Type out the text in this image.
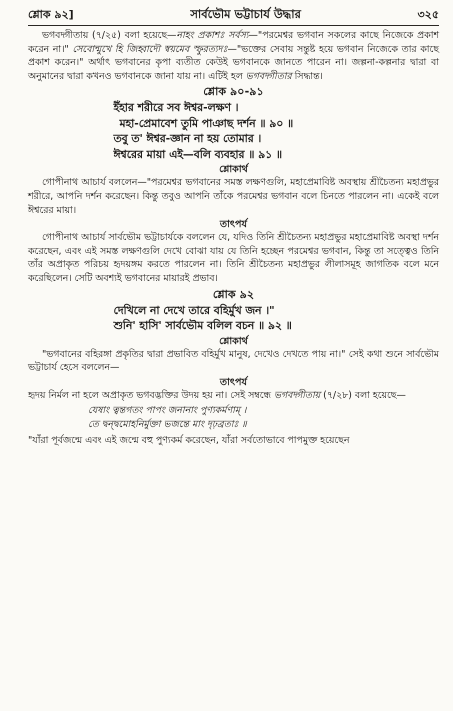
শ্লোক ৯২]	সার্বভৌম ভট্টাচার্য উদ্ধার	৩২৫

ভগবদ্গীতায় (৭/২৫) বলা হয়েছে—নাহং প্রকাশঃ সর্বস্য—"পরমেশ্বর ভগবান সকলের কাছে নিজেকে প্রকাশ করেন না।" সেবোন্মুখে হি জিহ্বাদৌ স্বয়মেব স্ফুরত্যদঃ—"ভক্তের সেবায় সন্তুষ্ট হয়ে ভগবান নিজেকে তার কাছে প্রকাশ করেন।" অর্থাৎ ভগবানের কৃপা ব্যতীত কেউই ভগবানকে জানতে পারেন না। জল্পনা-কল্পনার দ্বারা বা অনুমানের দ্বারা কখনও ভগবানকে জানা যায় না। এটিই হল ভগবদ্গীতার সিদ্ধান্ত।

শ্লোক ৯০-৯১
ইঁহার শরীরে সব ঈশ্বর-লক্ষণ ।
মহা-প্রেমাবেশ তুমি পাঞাছ দর্শন ॥ ৯০ ॥
তবু ত' ঈশ্বর-জ্ঞান না হয় তোমার ।
ঈশ্বরের মায়া এই—বলি ব্যবহার ॥ ৯১ ॥
শ্লোকার্থ

গোপীনাথ আচার্য বললেন—"পরমেশ্বর ভগবানের সমস্ত লক্ষণগুলি, মহাপ্রেমাবিষ্ট অবস্থায় শ্রীচৈতন্য মহাপ্রভুর শরীরে, আপনি দর্শন করেছেন। কিন্তু তবুও আপনি তাঁকে পরমেশ্বর ভগবান বলে চিনতে পারলেন না। একেই বলে ঈশ্বরের মায়া।

তাৎপর্য

গোপীনাথ আচার্য সার্বভৌম ভট্টাচার্যকে বললেন যে, যদিও তিনি শ্রীচৈতন্য মহাপ্রভুর মহাপ্রেমাবিষ্ট অবস্থা দর্শন করেছেন, এবং এই সমস্ত লক্ষণগুলি দেখে বোঝা যায় যে তিনি হচ্ছেন পরমেশ্বর ভগবান, কিন্তু তা সত্ত্বেও তিনি তাঁর অপ্রাকৃত পরিচয় হৃদয়ঙ্গম করতে পারলেন না। তিনি শ্রীচৈতন্য মহাপ্রভুর লীলাসমূহ জাগতিক বলে মনে করেছিলেন। সেটি অবশ্যই ভগবানের মায়ারই প্রভাব।

শ্লোক ৯২
দেখিলে না দেখে তারে বহির্মুখ জন ।"
শুনি' হাসি' সার্বভৌম বলিল বচন ॥ ৯২ ॥
শ্লোকার্থ

"ভগবানের বহিরঙ্গা প্রকৃতির দ্বারা প্রভাবিত বহির্মুখ মানুষ, দেখেও দেখতে পায় না।" সেই কথা শুনে সার্বভৌম ভট্টাচার্য হেসে বললেন—

তাৎপর্য

হৃদয় নির্মল না হলে অপ্রাকৃত ভগবদ্ভক্তির উদয় হয় না। সেই সম্বন্ধে ভগবদ্গীতায় (৭/২৮) বলা হয়েছে—

যেষাং ত্বন্তগতং পাপং জনানাং পুণ্যকর্মণাম্ ।
তে দ্বন্দ্বমোহনির্মুক্তা ভজন্তে মাং দৃঢ়ব্রতাঃ ॥

"যাঁরা পূর্বজন্মে এবং এই জন্মে বহু পুণ্যকর্ম করেছেন, যাঁরা সর্বতোভাবে পাপমুক্ত হয়েছেন
